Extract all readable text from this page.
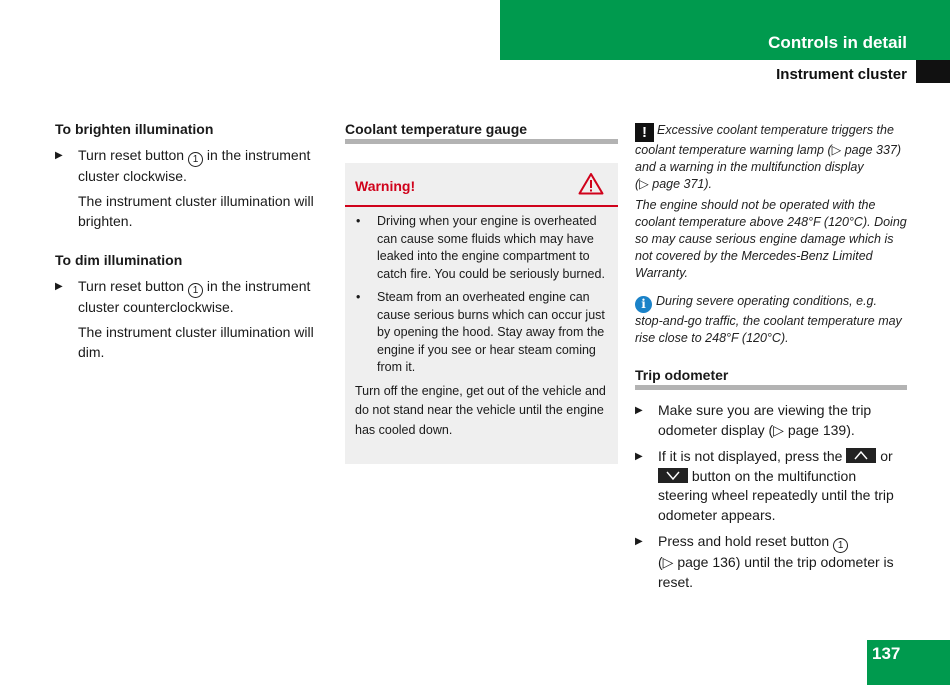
Controls in detail
Instrument cluster
To brighten illumination
▶ Turn reset button 1 in the instrument cluster clockwise.
The instrument cluster illumination will brighten.
To dim illumination
▶ Turn reset button 1 in the instrument cluster counterclockwise.
The instrument cluster illumination will dim.
Coolant temperature gauge
Warning!
• Driving when your engine is overheated can cause some fluids which may have leaked into the engine compartment to catch fire. You could be seriously burned.
• Steam from an overheated engine can cause serious burns which can occur just by opening the hood. Stay away from the engine if you see or hear steam coming from it.
Turn off the engine, get out of the vehicle and do not stand near the vehicle until the engine has cooled down.
! Excessive coolant temperature triggers the coolant temperature warning lamp (▷ page 337) and a warning in the multifunction display
(▷ page 371).
The engine should not be operated with the coolant temperature above 248°F (120°C). Doing so may cause serious engine damage which is not covered by the Mercedes-Benz Limited Warranty.
i During severe operating conditions, e.g. stop-and-go traffic, the coolant temperature may rise close to 248°F (120°C).
Trip odometer
▶ Make sure you are viewing the trip odometer display (▷ page 139).
▶ If it is not displayed, press the	or
button on the multifunction steering wheel repeatedly until the trip odometer appears.
▶ Press and hold reset button 1
(▷ page 136) until the trip odometer is reset.
137
